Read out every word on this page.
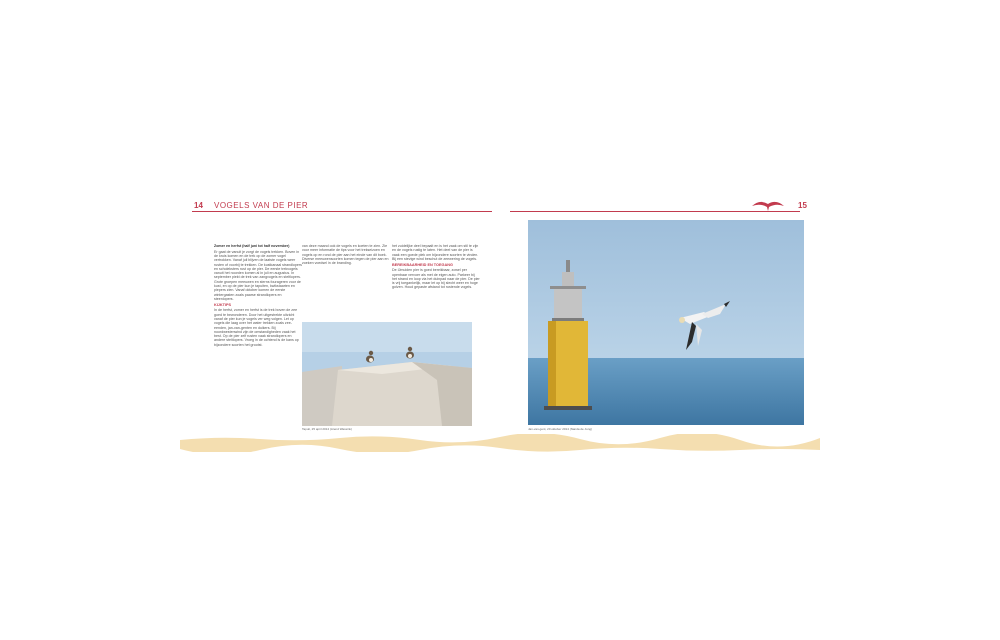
14 VOGELS VAN DE PIER	15

Zomer en herfst (half juni tot half november)

Er gaat de vanuit je zorgt de vogels trekken. Boven in de kruis komen en de trek op de zomer vogel vertrokken. Vanaf juli blijven de laatste vogels weer rusten of voorbij te trekken. De kustkanaal strandlopers en scholeksters rust op de pier. De eerste trekvogels vanuit het noorden komen al in juli en augustus. In september piekt de trek van zangvogels en steltlopers. Grote groepen meeuwen en sterns fourageren voor de kust, en op de pier kun je tapuiten, kwikstaarten en piepers zien. Vanaf oktober komen de eerste wintergasten zoals paarse strandlopers en steenlopers.

KIJKTIPS

In de herfst, zomer en herfst is de trek boven de zee goed te bewonderen. Door het uitgestrekte uitzicht vanaf de pier kun je vogels ver weg volgen. Let op vogels die laag over het water trekken zoals zee-eenden, jan-van-genten en duikers. Bij noordwestenwind zijn de omstandigheden vaak het best. Op de pier zelf rusten vaak strandlopers en andere steltlopers. Vroeg in de ochtend is de kans op bijzondere soorten het grootst.

van deze maand ook de vogels en koeten te zien. Zie voor meer informatie de tips voor het trekseizoen en vogels op en rond de pier aan het einde van dit boek. Diverse meeuwensoorten komen tegen de pier aan en zoeken voedsel in de branding.

het zuidelijke deel bepaalt en is het zaak om stil te zijn en de vogels rustig te laten. Het deel van de pier is vaak een goede plek om bijzondere soorten te vinden. Bij een stevige wind beschut de zeewering de vogels.

BEREIKBAARHEID EN TOEGANG

De IJmuiden pier is goed bereikbaar, zowel per openbaar vervoer als met de eigen auto. Parkeer bij het strand en loop via het duinpad naar de pier. De pier is vrij toegankelijk, maar let op bij slecht weer en hoge golven. Houd gepaste afstand tot rustende vogels.

Tapuit, 25 april 2014 (Arend Wassink)	Jan-van-gent, 20 oktober 2014 (Nanda de Jong)
